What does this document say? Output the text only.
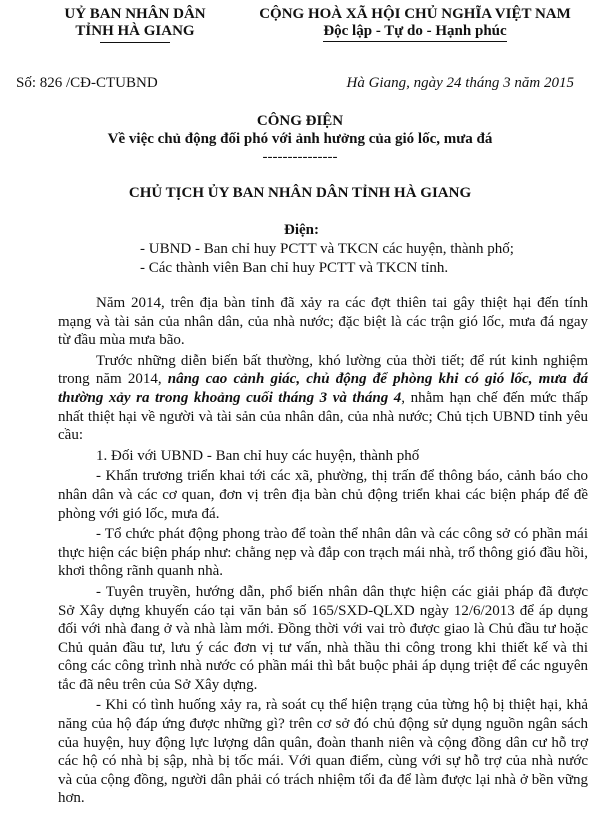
UỶ BAN NHÂN DÂN
TỈNH HÀ GIANG
CỘNG HOÀ XÃ HỘI CHỦ NGHĨA VIỆT NAM
Độc lập - Tự do - Hạnh phúc
Số: 826 /CĐ-CTUBND	Hà Giang, ngày 24 tháng 3 năm 2015
CÔNG ĐIỆN
Về việc chủ động đối phó với ảnh hưởng của gió lốc, mưa đá
---------------
CHỦ TỊCH ỦY BAN NHÂN DÂN TỈNH HÀ GIANG
Điện:
- UBND - Ban chỉ huy PCTT và TKCN các huyện, thành phố;
- Các thành viên Ban chỉ huy PCTT và TKCN tỉnh.

Năm 2014, trên địa bàn tỉnh đã xảy ra các đợt thiên tai gây thiệt hại đến tính mạng và tài sản của nhân dân, của nhà nước; đặc biệt là các trận gió lốc, mưa đá ngay từ đầu mùa mưa bão.

Trước những diễn biến bất thường, khó lường của thời tiết; để rút kinh nghiệm trong năm 2014, nâng cao cảnh giác, chủ động để phòng khi có gió lốc, mưa đá thường xảy ra trong khoảng cuối tháng 3 và tháng 4, nhằm hạn chế đến mức thấp nhất thiệt hại về người và tài sản của nhân dân, của nhà nước; Chủ tịch UBND tỉnh yêu cầu:

1. Đối với UBND - Ban chỉ huy các huyện, thành phố

- Khẩn trương triển khai tới các xã, phường, thị trấn để thông báo, cảnh báo cho nhân dân và các cơ quan, đơn vị trên địa bàn chủ động triển khai các biện pháp để đề phòng với gió lốc, mưa đá.

- Tổ chức phát động phong trào để toàn thể nhân dân và các công sở có phần mái thực hiện các biện pháp như: chằng nẹp và đắp con trạch mái nhà, trổ thông gió đầu hồi, khơi thông rãnh quanh nhà.

- Tuyên truyền, hướng dẫn, phổ biến nhân dân thực hiện các giải pháp đã được Sở Xây dựng khuyến cáo tại văn bản số 165/SXD-QLXD ngày 12/6/2013 để áp dụng đối với nhà đang ở và nhà làm mới. Đồng thời với vai trò được giao là Chủ đầu tư hoặc Chủ quản đầu tư, lưu ý các đơn vị tư vấn, nhà thầu thi công trong khi thiết kế và thi công các công trình nhà nước có phần mái thì bắt buộc phải áp dụng triệt để các nguyên tắc đã nêu trên của Sở Xây dựng.

- Khi có tình huống xảy ra, rà soát cụ thể hiện trạng của từng hộ bị thiệt hại, khả năng của hộ đáp ứng được những gì? trên cơ sở đó chủ động sử dụng nguồn ngân sách của huyện, huy động lực lượng dân quân, đoàn thanh niên và cộng đồng dân cư hỗ trợ các hộ có nhà bị sập, nhà bị tốc mái. Với quan điểm, cùng với sự hỗ trợ của nhà nước và của cộng đồng, người dân phải có trách nhiệm tối đa để làm được lại nhà ở bền vững hơn.
